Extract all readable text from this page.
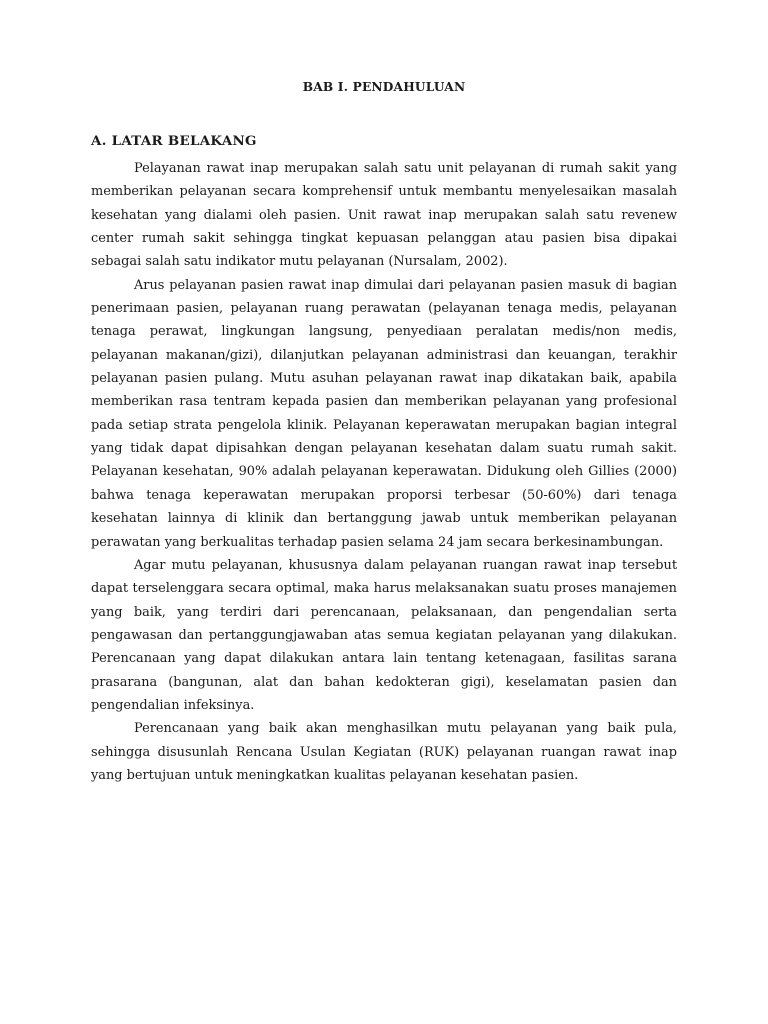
BAB I. PENDAHULUAN
A. LATAR BELAKANG

Pelayanan rawat inap merupakan salah satu unit pelayanan di rumah sakit yang memberikan pelayanan secara komprehensif untuk membantu menyelesaikan masalah kesehatan yang dialami oleh pasien. Unit rawat inap merupakan salah satu revenew center rumah sakit sehingga tingkat kepuasan pelanggan atau pasien bisa dipakai sebagai salah satu indikator mutu pelayanan (Nursalam, 2002).

Arus pelayanan pasien rawat inap dimulai dari pelayanan pasien masuk di bagian penerimaan pasien, pelayanan ruang perawatan (pelayanan tenaga medis, pelayanan tenaga perawat, lingkungan langsung, penyediaan peralatan medis/non medis, pelayanan makanan/gizi), dilanjutkan pelayanan administrasi dan keuangan, terakhir pelayanan pasien pulang. Mutu asuhan pelayanan rawat inap dikatakan baik, apabila memberikan rasa tentram kepada pasien dan memberikan pelayanan yang profesional pada setiap strata pengelola klinik. Pelayanan keperawatan merupakan bagian integral yang tidak dapat dipisahkan dengan pelayanan kesehatan dalam suatu rumah sakit. Pelayanan kesehatan, 90% adalah pelayanan keperawatan. Didukung oleh Gillies (2000) bahwa tenaga keperawatan merupakan proporsi terbesar (50-60%) dari tenaga kesehatan lainnya di klinik dan bertanggung jawab untuk memberikan pelayanan perawatan yang berkualitas terhadap pasien selama 24 jam secara berkesinambungan.

Agar mutu pelayanan, khususnya dalam pelayanan ruangan rawat inap tersebut dapat terselenggara secara optimal, maka harus melaksanakan suatu proses manajemen yang baik, yang terdiri dari perencanaan, pelaksanaan, dan pengendalian serta pengawasan dan pertanggungjawaban atas semua kegiatan pelayanan yang dilakukan. Perencanaan yang dapat dilakukan antara lain tentang ketenagaan, fasilitas sarana prasarana (bangunan, alat dan bahan kedokteran gigi), keselamatan pasien dan pengendalian infeksinya.

Perencanaan yang baik akan menghasilkan mutu pelayanan yang baik pula, sehingga disusunlah Rencana Usulan Kegiatan (RUK) pelayanan ruangan rawat inap yang bertujuan untuk meningkatkan kualitas pelayanan kesehatan pasien.
